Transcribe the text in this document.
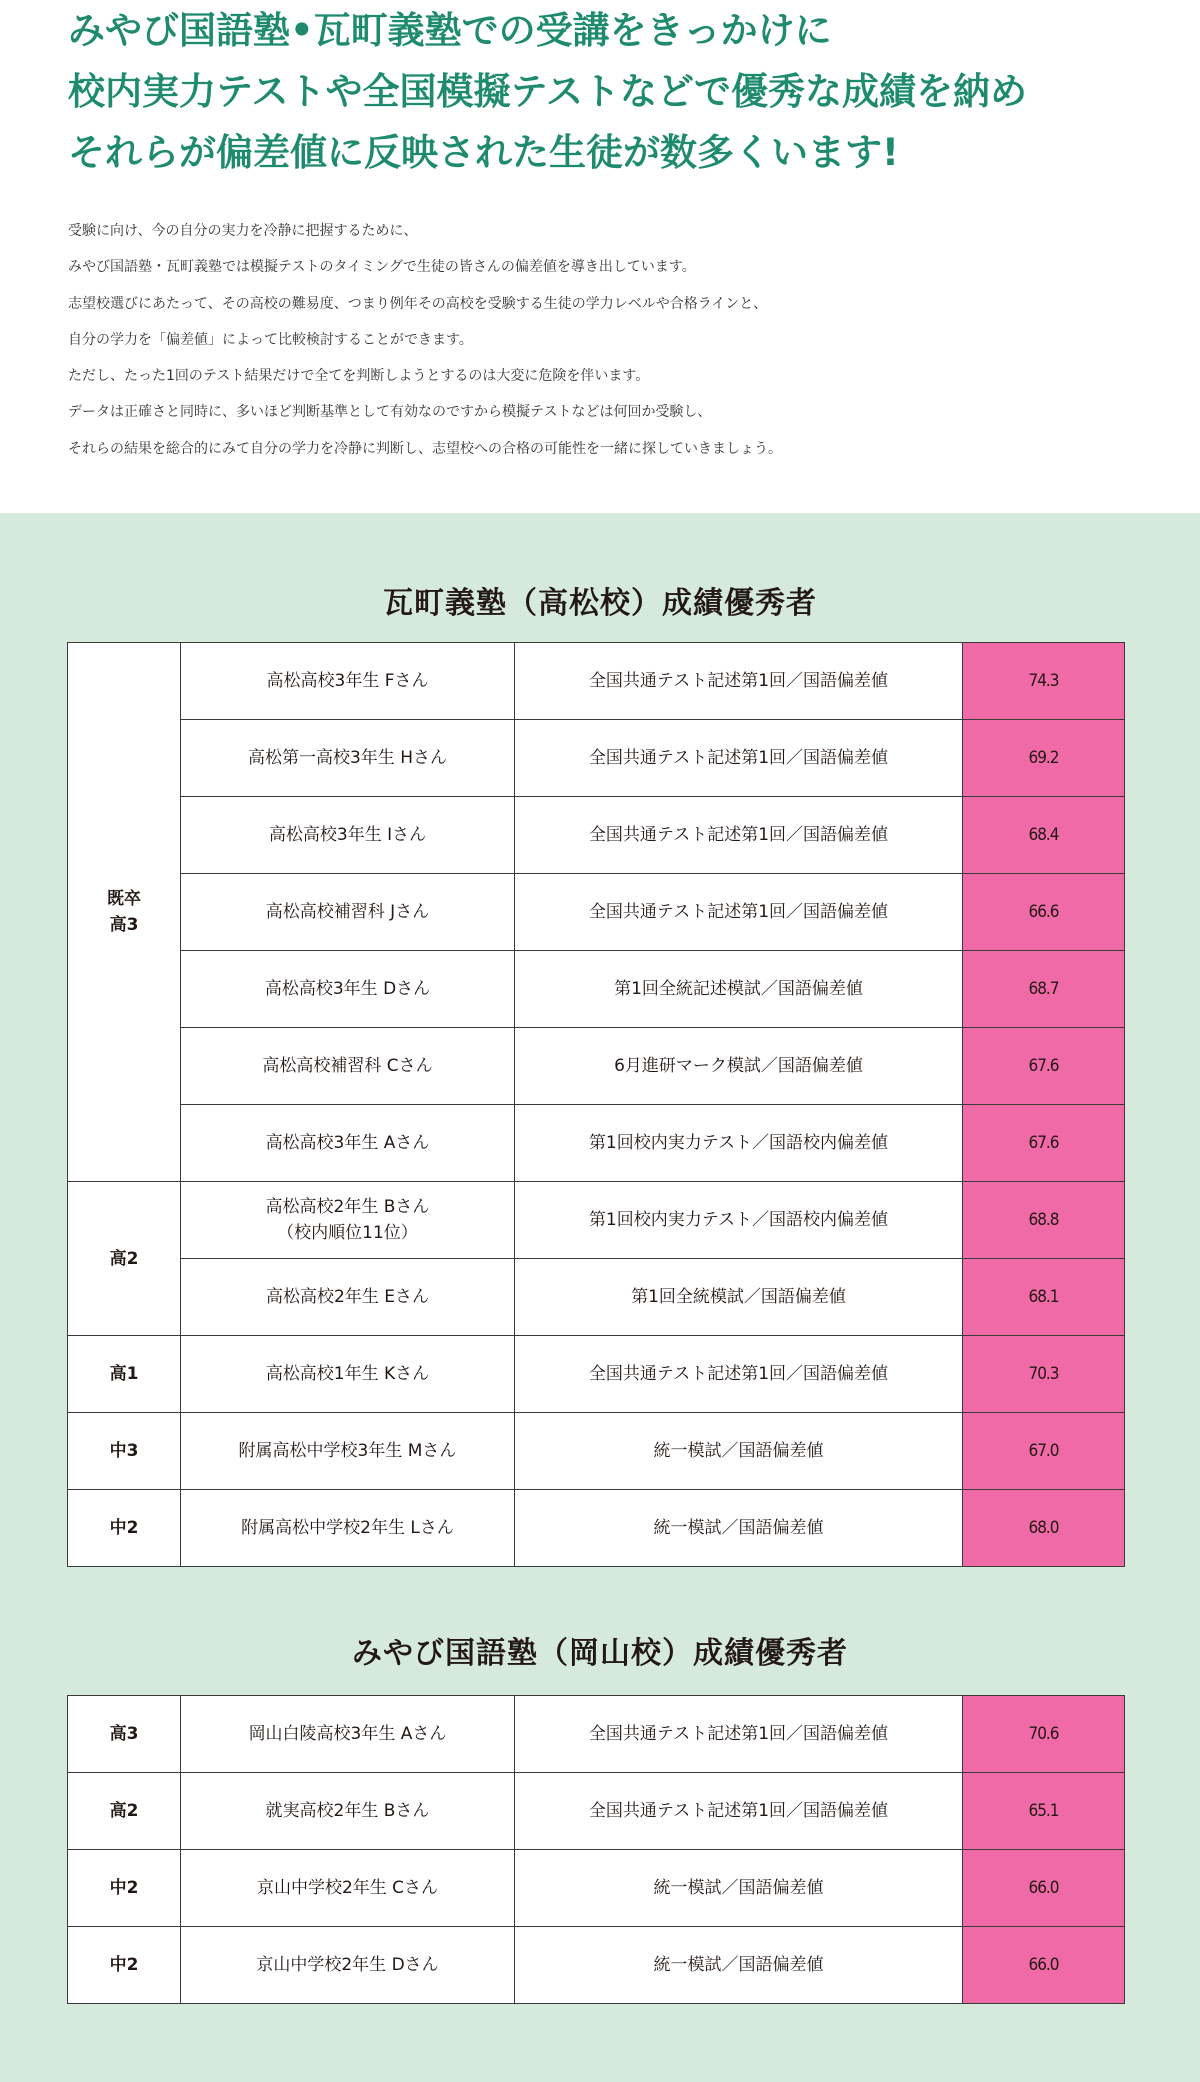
みやび国語塾•瓦町義塾での受講をきっかけに
校内実力テストや全国模擬テストなどで優秀な成績を納め
それらが偏差値に反映された生徒が数多くいます!
受験に向け、今の自分の実力を冷静に把握するために、
みやび国語塾・瓦町義塾では模擬テストのタイミングで生徒の皆さんの偏差値を導き出しています。
志望校選びにあたって、その高校の難易度、つまり例年その高校を受験する生徒の学力レベルや合格ラインと、
自分の学力を「偏差値」によって比較検討することができます。
ただし、たった1回のテスト結果だけで全てを判断しようとするのは大変に危険を伴います。
データは正確さと同時に、多いほど判断基準として有効なのですから模擬テストなどは何回か受験し、
それらの結果を総合的にみて自分の学力を冷静に判断し、志望校への合格の可能性を一緒に探していきましょう。
瓦町義塾（高松校）成績優秀者
既卒
高3	高松高校3年生 Fさん	全国共通テスト記述第1回／国語偏差値	74.3
	高松第一高校3年生 Hさん	全国共通テスト記述第1回／国語偏差値	69.2
	高松高校3年生 Iさん	全国共通テスト記述第1回／国語偏差値	68.4
	高松高校補習科 Jさん	全国共通テスト記述第1回／国語偏差値	66.6
	高松高校3年生 Dさん	第1回全統記述模試／国語偏差値	68.7
	高松高校補習科 Cさん	6月進研マーク模試／国語偏差値	67.6
	高松高校3年生 Aさん	第1回校内実力テスト／国語校内偏差値	67.6
高2	高松高校2年生 Bさん
（校内順位11位）	第1回校内実力テスト／国語校内偏差値	68.8
	高松高校2年生 Eさん	第1回全統模試／国語偏差値	68.1
高1	高松高校1年生 Kさん	全国共通テスト記述第1回／国語偏差値	70.3
中3	附属高松中学校3年生 Mさん	統一模試／国語偏差値	67.0
中2	附属高松中学校2年生 Lさん	統一模試／国語偏差値	68.0
みやび国語塾（岡山校）成績優秀者
高3	岡山白陵高校3年生 Aさん	全国共通テスト記述第1回／国語偏差値	70.6
高2	就実高校2年生 Bさん	全国共通テスト記述第1回／国語偏差値	65.1
中2	京山中学校2年生 Cさん	統一模試／国語偏差値	66.0
中2	京山中学校2年生 Dさん	統一模試／国語偏差値	66.0
